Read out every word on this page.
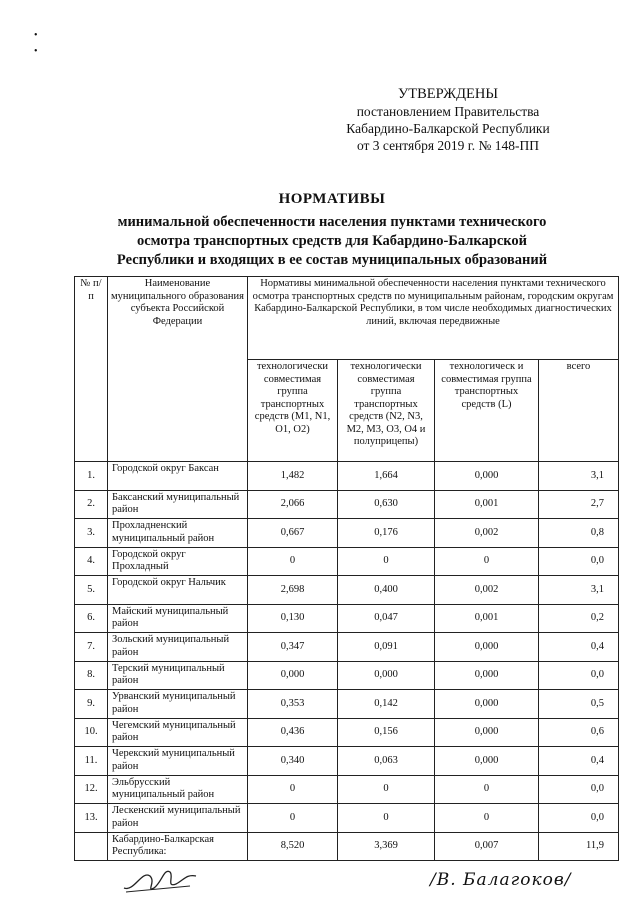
•
•
УТВЕРЖДЕНЫ
постановлением Правительства
Кабардино-Балкарской Республики
от 3 сентября 2019 г. № 148-ПП
НОРМАТИВЫ
минимальной обеспеченности населения пунктами технического
осмотра транспортных средств для Кабардино-Балкарской
Республики и входящих в ее состав муниципальных образований
№ п/п	Наименование муниципального образования субъекта Российской Федерации	Нормативы минимальной обеспеченности населения пунктами технического осмотра транспортных средств по муниципальным районам, городским округам Кабардино-Балкарской Республики, в том числе необходимых диагностических линий, включая передвижные			
		технологически совместимая группа транспортных средств (M1, N1, O1, O2)	технологически совместимая группа транспортных средств (N2, N3, M2, M3, O3, O4 и полуприцепы)	технологическ и совместимая группа транспортных средств (L)	всего
1.	Городской округ Баксан	1,482	1,664	0,000	3,1
2.	Баксанский муниципальный район	2,066	0,630	0,001	2,7
3.	Прохладненский муниципальный район	0,667	0,176	0,002	0,8
4.	Городской округ Прохладный	0	0	0	0,0
5.	Городской округ Нальчик	2,698	0,400	0,002	3,1
6.	Майский муниципальный район	0,130	0,047	0,001	0,2
7.	Зольский муниципальный район	0,347	0,091	0,000	0,4
8.	Терский муниципальный район	0,000	0,000	0,000	0,0
9.	Урванский муниципальный район	0,353	0,142	0,000	0,5
10.	Чегемский муниципальный район	0,436	0,156	0,000	0,6
11.	Черекский муниципальный район	0,340	0,063	0,000	0,4
12.	Эльбрусский муниципальный район	0	0	0	0,0
13.	Лескенский муниципальный район	0	0	0	0,0
	Кабардино-Балкарская Республика:	8,520	3,369	0,007	11,9
/В. Балагоков/
